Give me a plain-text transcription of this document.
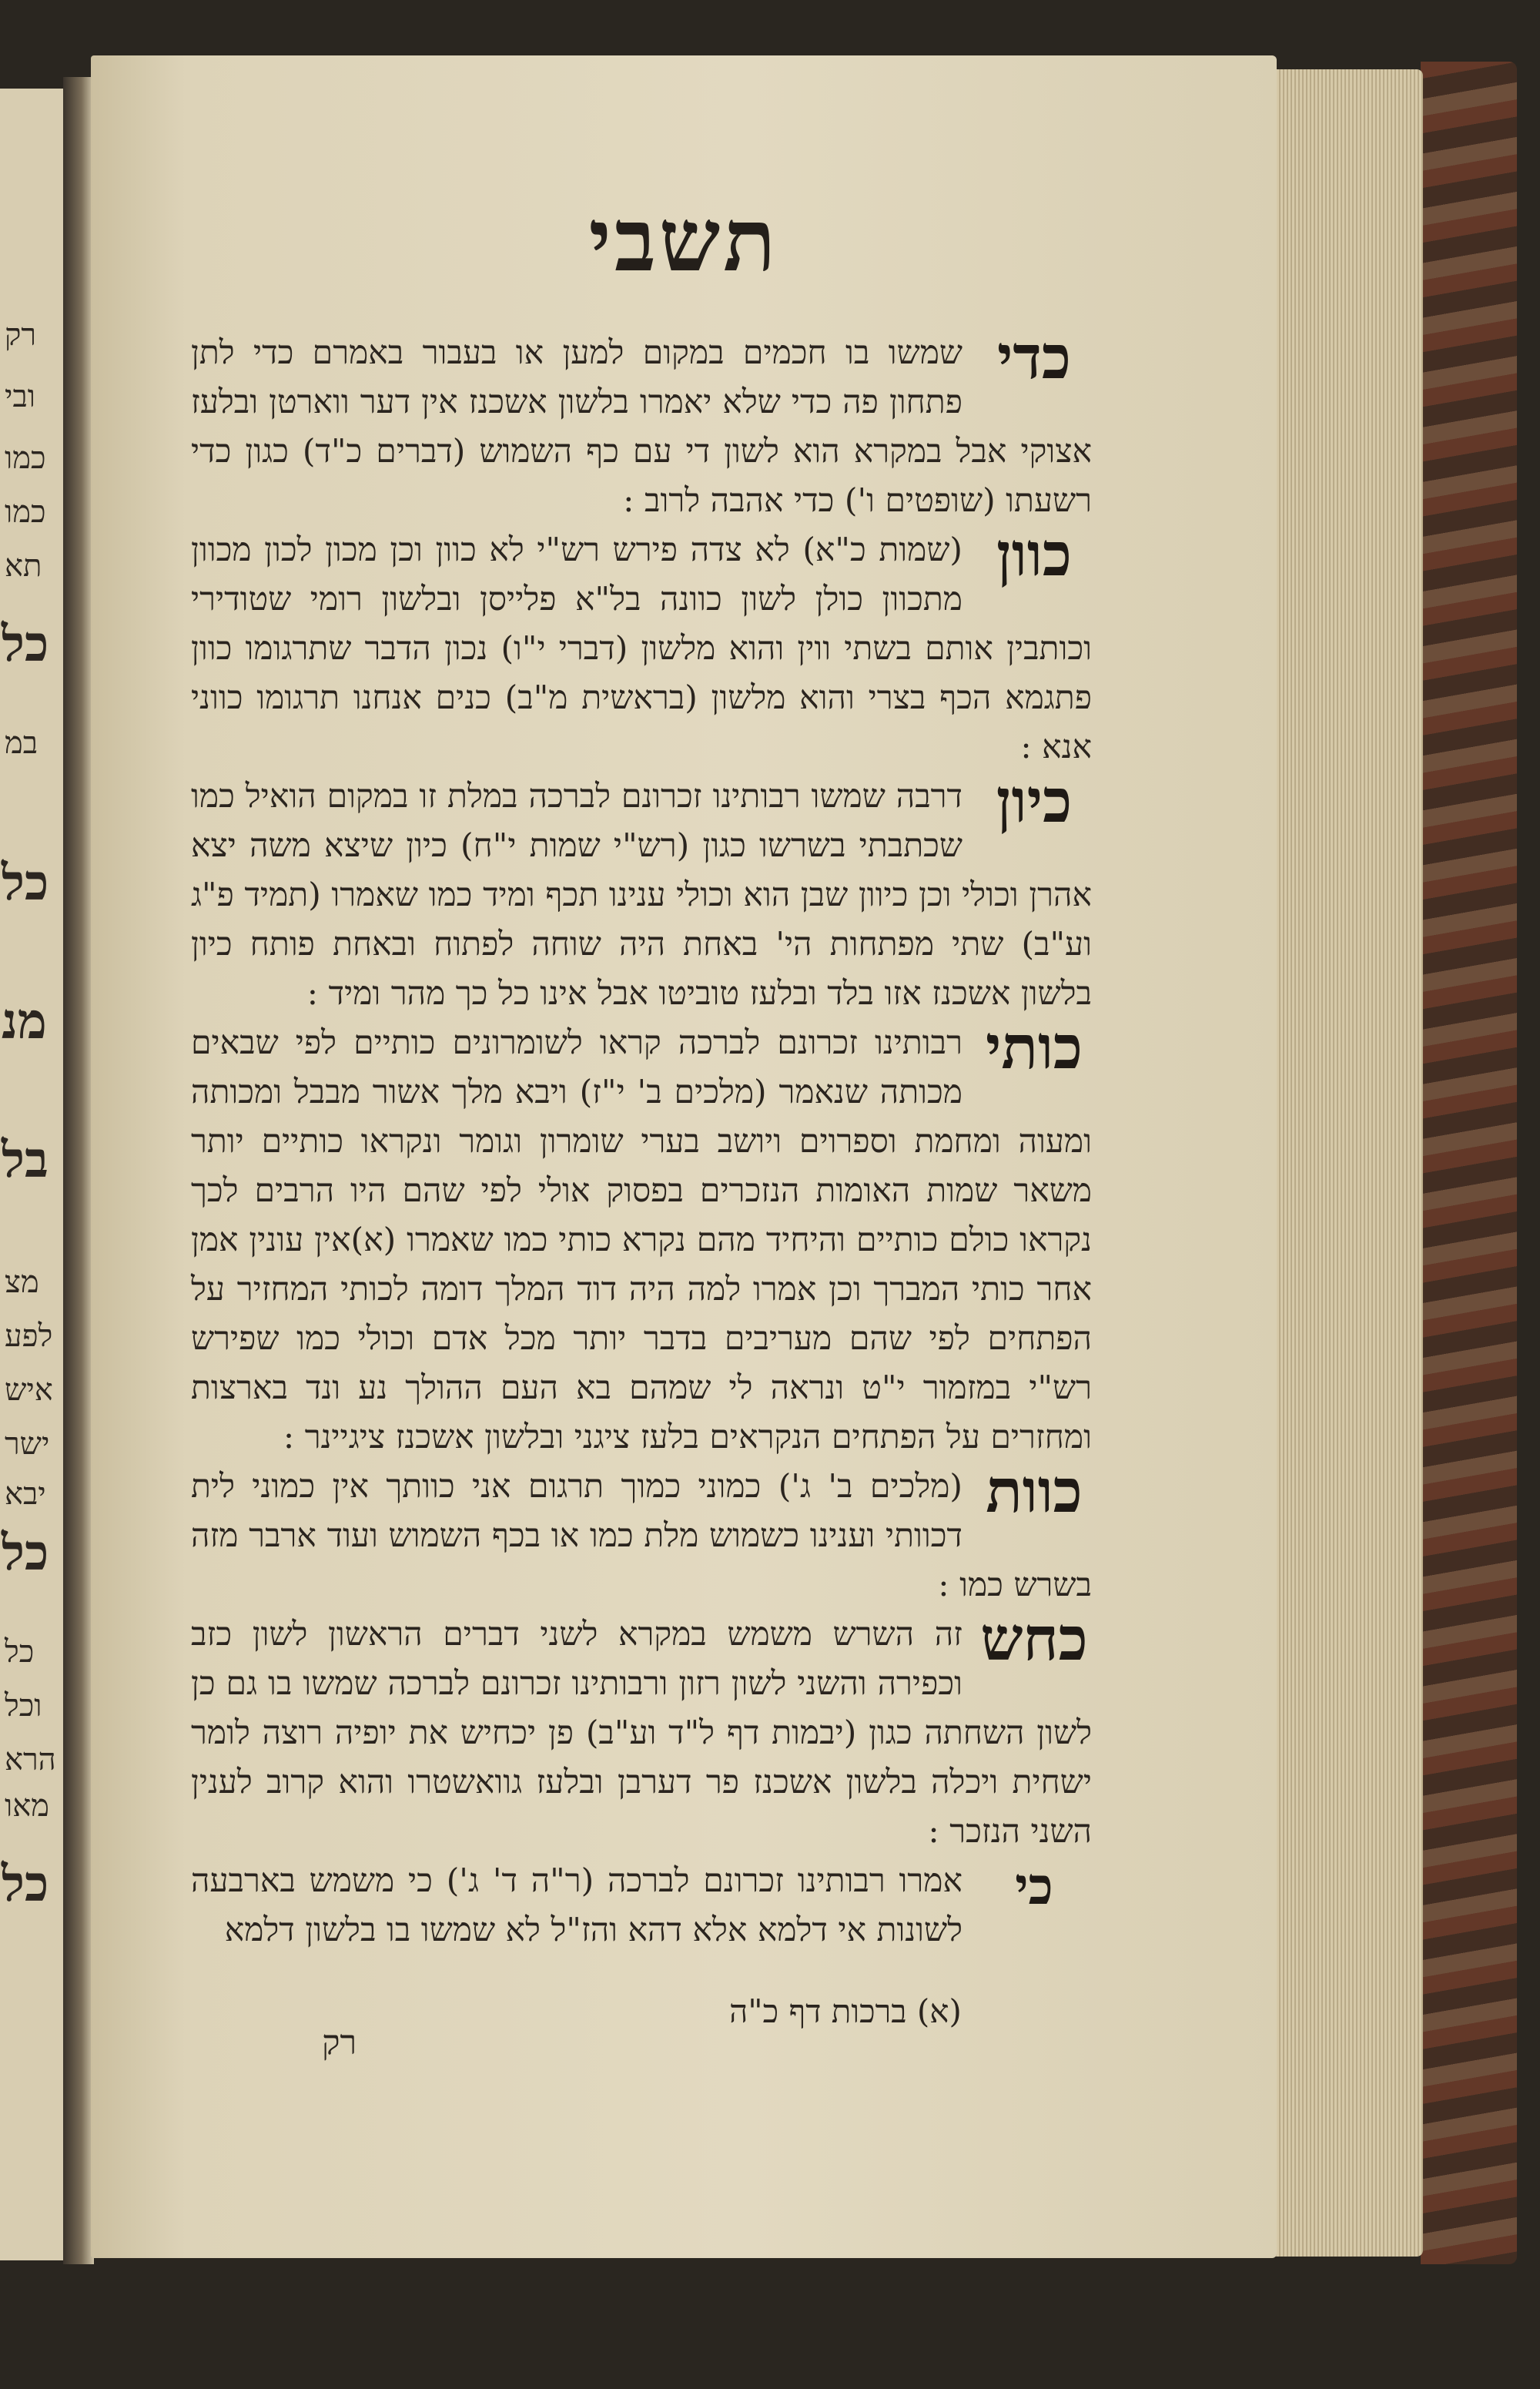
רק
ובי
כמו
כמו
תא
כל
במ
כל
מנ
בל
מצ
לפע
איש
ישר
יבא
כל
כל
וכל
הרא
מאו
כל
תשבי
כדי
שמשו בו חכמים במקום למען או בעבור באמרם כדי לתן פתחון פה כדי שלא יאמרו בלשון אשכנז אין דער ווארטן ובלעז אצוקי אבל במקרא הוא לשון די עם כף השמוש (דברים כ"ד) כגון כדי רשעתו (שופטים ו') כדי אהבה לרוב :
כוון
(שמות כ"א) לא צדה פירש רש"י לא כוון וכן מכון לכון מכוון מתכוון כולן לשון כוונה בל"א פלייסן ובלשון רומי שטודירי וכותבין אותם בשתי ווין והוא מלשון (דברי י"ו) נכון הדבר שתרגומו כוון פתגמא הכף בצרי והוא מלשון (בראשית מ"ב) כנים אנחנו תרגומו כווני אנא :
כיון
דרבה שמשו רבותינו זכרונם לברכה במלת זו במקום הואיל כמו שכתבתי בשרשו כגון (רש"י שמות י"ח) כיון שיצא משה יצא אהרן וכולי וכן כיוון שבן הוא וכולי ענינו תכף ומיד כמו שאמרו (תמיד פ"ג וע"ב) שתי מפתחות הי' באחת היה שוחה לפתוח ובאחת פותח כיון בלשון אשכנז אזו בלד ובלעז טוביטו אבל אינו כל כך מהר ומיד :
כותי
רבותינו זכרונם לברכה קראו לשומרונים כותיים לפי שבאים מכותה שנאמר (מלכים ב' י"ז) ויבא מלך אשור מבבל ומכותה ומעוה ומחמת וספרוים ויושב בערי שומרון וגומר ונקראו כותיים יותר משאר שמות האומות הנזכרים בפסוק אולי לפי שהם היו הרבים לכך נקראו כולם כותיים והיחיד מהם נקרא כותי כמו שאמרו (א)אין עונין אמן אחר כותי המברך וכן אמרו למה היה דוד המלך דומה לכותי המחזיר על הפתחים לפי שהם מעריבים בדבר יותר מכל אדם וכולי כמו שפירש רש"י במזמור י"ט ונראה לי שמהם בא העם ההולך נע ונד בארצות ומחזרים על הפתחים הנקראים בלעז ציגני ובלשון אשכנז ציגיינר :
כוות
(מלכים ב' ג') כמוני כמוך תרגום אני כוותך אין כמוני לית דכוותי וענינו כשמוש מלת כמו או בכף השמוש ועוד ארבר מזה בשרש כמו :
כחש
זה השרש משמש במקרא לשני דברים הראשון לשון כזב וכפירה והשני לשון רזון ורבותינו זכרונם לברכה שמשו בו גם כן לשון השחתה כגון (יבמות דף ל"ד וע"ב) פן יכחיש את יופיה רוצה לומר ישחית ויכלה בלשון אשכנז פר דערבן ובלעז גוואשטרו והוא קרוב לענין השני הנזכר :
כי
אמרו רבותינו זכרונם לברכה (ר"ה ד' ג') כי משמש בארבעה לשונות אי דלמא אלא דהא והז"ל לא שמשו בו בלשון דלמא
(א) ברכות דף כ"ה
רק
